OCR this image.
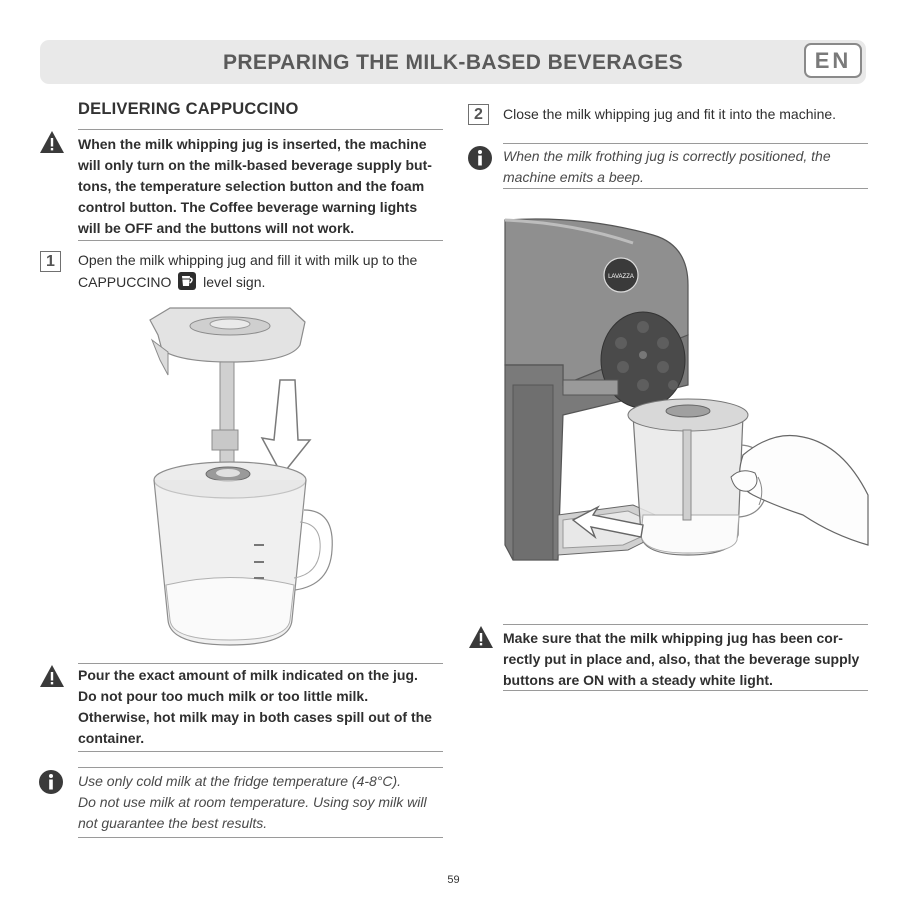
PREPARING THE MILK-BASED BEVERAGES	EN
DELIVERING CAPPUCCINO
When the milk whipping jug is inserted, the machine
will only turn on the milk-based beverage supply but-
tons, the temperature selection button and the foam
control button. The Coffee beverage warning lights
will be OFF and the buttons will not work.
1	Open the milk whipping jug and fill it with milk up to the
CAPPUCCINO level sign.
Pour the exact amount of milk indicated on the jug.
Do not pour too much milk or too little milk.
Otherwise, hot milk may in both cases spill out of the
container.
Use only cold milk at the fridge temperature (4-8°C).
Do not use milk at room temperature. Using soy milk will
not guarantee the best results.
2	Close the milk whipping jug and fit it into the machine.
When the milk frothing jug is correctly positioned, the
machine emits a beep.
LAVAZZA
Make sure that the milk whipping jug has been cor-
rectly put in place and, also, that the beverage supply
buttons are ON with a steady white light.
59
